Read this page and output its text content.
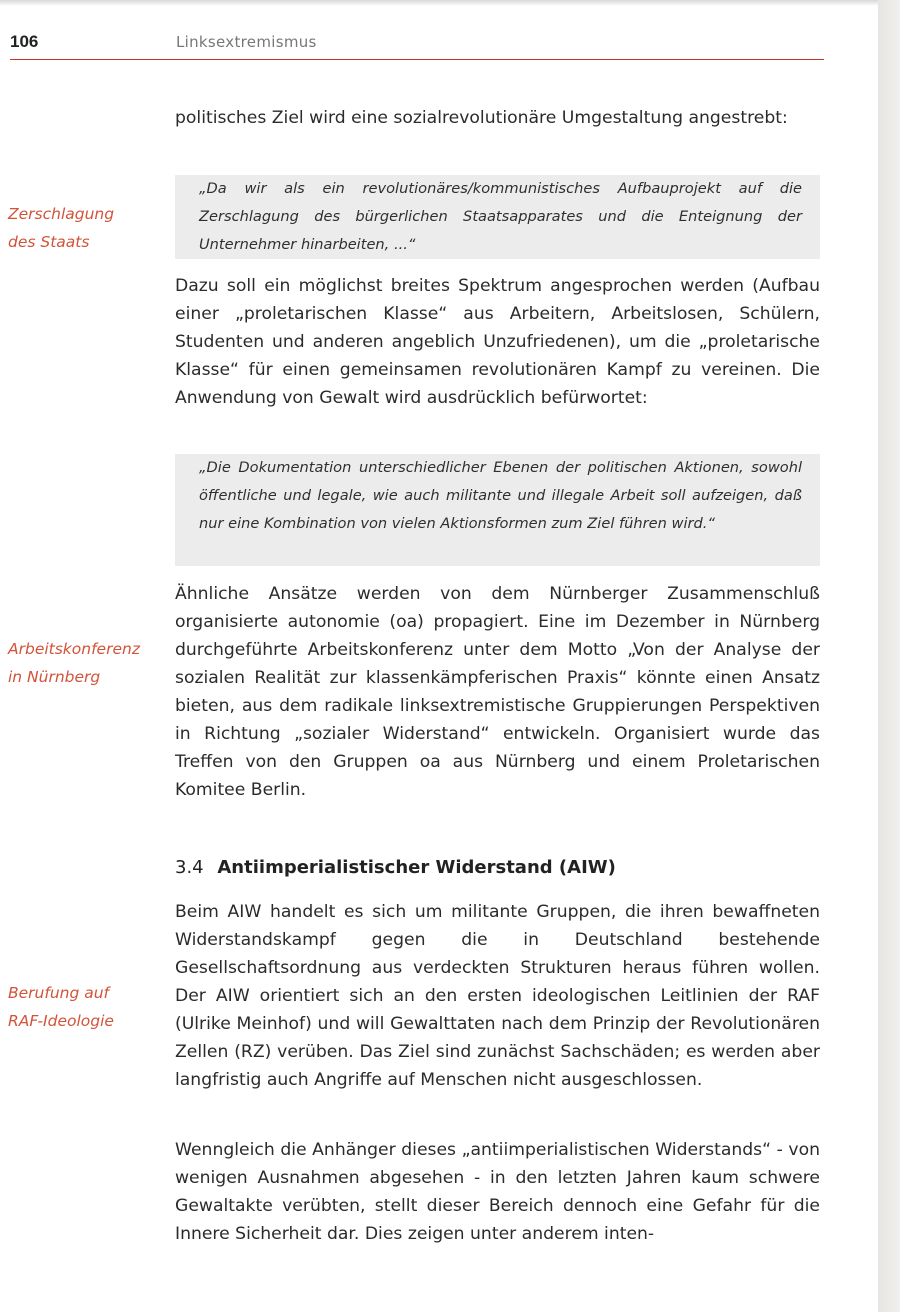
106	Linksextremismus
Zerschlagung
des Staats
Arbeitskonferenz
in Nürnberg
Berufung auf
RAF-Ideologie
politisches Ziel wird eine sozialrevolutionäre Umgestaltung angestrebt:
„Da wir als ein revolutionäres/kommunistisches Aufbauprojekt auf die Zerschlagung des bürgerlichen Staatsapparates und die Enteignung der Unternehmer hinarbeiten, ...“
Dazu soll ein möglichst breites Spektrum angesprochen werden (Aufbau einer „proletarischen Klasse“ aus Arbeitern, Arbeitslosen, Schülern, Studenten und anderen angeblich Unzufriedenen), um die „proletarische Klasse“ für einen gemeinsamen revolutionären Kampf zu vereinen. Die Anwendung von Gewalt wird ausdrücklich befürwortet:
„Die Dokumentation unterschiedlicher Ebenen der politischen Aktionen, sowohl öffentliche und legale, wie auch militante und illegale Arbeit soll aufzeigen, daß nur eine Kombination von vielen Aktionsformen zum Ziel führen wird.“
Ähnliche Ansätze werden von dem Nürnberger Zusammenschluß organisierte autonomie (oa) propagiert. Eine im Dezember in Nürnberg durchgeführte Arbeitskonferenz unter dem Motto „Von der Analyse der sozialen Realität zur klassenkämpferischen Praxis“ könnte einen Ansatz bieten, aus dem radikale linksextremistische Gruppierungen Perspektiven in Richtung „sozialer Widerstand“ entwickeln. Organisiert wurde das Treffen von den Gruppen oa aus Nürnberg und einem Proletarischen Komitee Berlin.
3.4 Antiimperialistischer Widerstand (AIW)
Beim AIW handelt es sich um militante Gruppen, die ihren bewaffneten Widerstandskampf gegen die in Deutschland bestehende Gesellschaftsordnung aus verdeckten Strukturen heraus führen wollen. Der AIW orientiert sich an den ersten ideologischen Leitlinien der RAF (Ulrike Meinhof) und will Gewalttaten nach dem Prinzip der Revolutionären Zellen (RZ) verüben. Das Ziel sind zunächst Sachschäden; es werden aber langfristig auch Angriffe auf Menschen nicht ausgeschlossen.
Wenngleich die Anhänger dieses „antiimperialistischen Widerstands“ - von wenigen Ausnahmen abgesehen - in den letzten Jahren kaum schwere Gewaltakte verübten, stellt dieser Bereich dennoch eine Gefahr für die Innere Sicherheit dar. Dies zeigen unter anderem inten-
